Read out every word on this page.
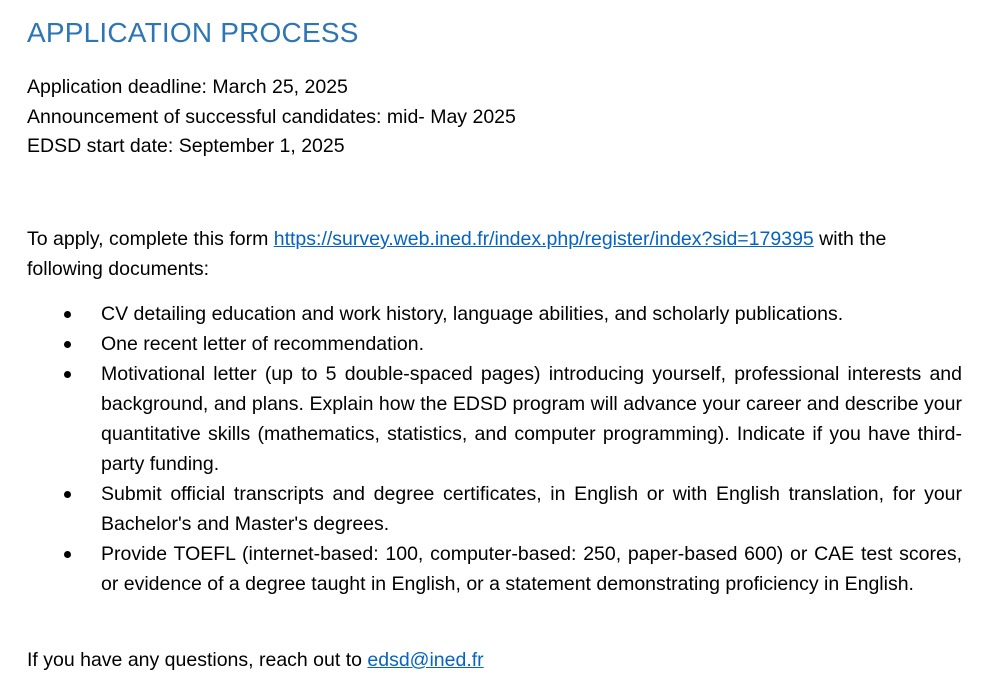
APPLICATION PROCESS
Application deadline: March 25, 2025
Announcement of successful candidates: mid- May 2025
EDSD start date: September 1, 2025
To apply, complete this form https://survey.web.ined.fr/index.php/register/index?sid=179395 with the following documents:
CV detailing education and work history, language abilities, and scholarly publications.
One recent letter of recommendation.
Motivational letter (up to 5 double-spaced pages) introducing yourself, professional interests and background, and plans. Explain how the EDSD program will advance your career and describe your quantitative skills (mathematics, statistics, and computer programming). Indicate if you have third-party funding.
Submit official transcripts and degree certificates, in English or with English translation, for your Bachelor's and Master's degrees.
Provide TOEFL (internet-based: 100, computer-based: 250, paper-based 600) or CAE test scores, or evidence of a degree taught in English, or a statement demonstrating proficiency in English.
If you have any questions, reach out to edsd@ined.fr
